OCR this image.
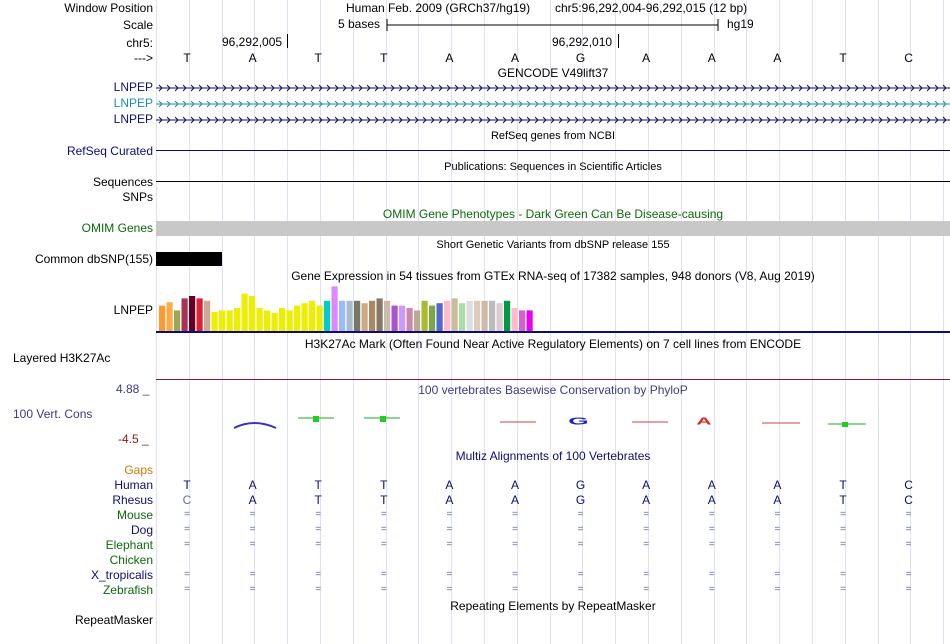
Window Position	Human Feb. 2009 (GRCh37/hg19) chr5:96,292,004-96,292,015 (12 bp)
Scale	5 bases	hg19
chr5:	96,292,005	96,292,010
--->	T	A	T	T	A	A	G	A	A	A	T	C
GENCODE V49lift37
LNPEP
LNPEP
LNPEP
RefSeq genes from NCBI
RefSeq Curated
Publications: Sequences in Scientific Articles
Sequences
SNPs
OMIM Gene Phenotypes - Dark Green Can Be Disease-causing
OMIM Genes
Short Genetic Variants from dbSNP release 155
Common dbSNP(155)
Gene Expression in 54 tissues from GTEx RNA-seq of 17382 samples, 948 donors (V8, Aug 2019)
LNPEP
H3K27Ac Mark (Often Found Near Active Regulatory Elements) on 7 cell lines from ENCODE
Layered H3K27Ac
100 vertebrates Basewise Conservation by PhyloP
4.88 _
100 Vert. Cons
-4.5 _
G	A
Multiz Alignments of 100 Vertebrates
Gaps
Human	T	A	T	T	A	A	G	A	A	A	T	C
Rhesus	C	A	T	T	A	A	G	A	A	A	T	C
Mouse	=	=	=	=	=	=	=	=	=	=	=	=
Dog	=	=	=	=	=	=	=	=	=	=	=	=
Elephant	=	=	=	=	=	=	=	=	=	=	=	=
Chicken
X_tropicalis	=	=	=	=	=	=	=	=	=	=	=	=
Zebrafish	=	=	=	=	=	=	=	=	=	=	=	=
Repeating Elements by RepeatMasker
RepeatMasker
